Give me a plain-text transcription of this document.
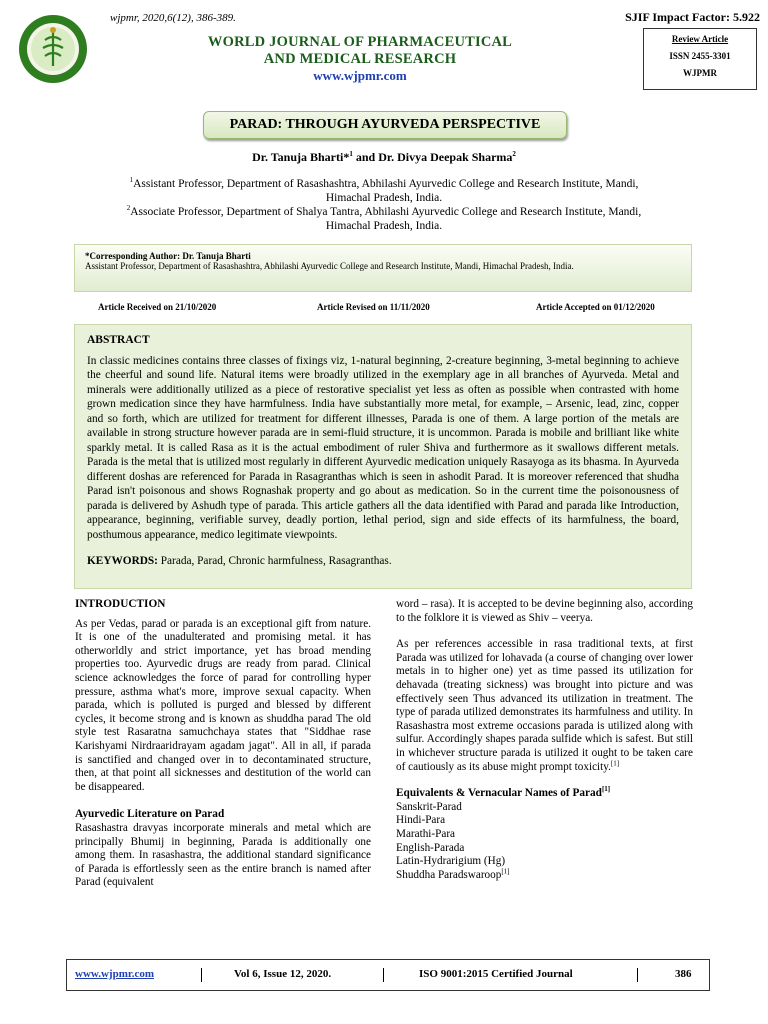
wjpmr, 2020,6(12), 386-389.
WORLD JOURNAL OF PHARMACEUTICAL
AND MEDICAL RESEARCH
www.wjpmr.com
SJIF Impact Factor: 5.922
Review Article
ISSN 2455-3301
WJPMR
PARAD: THROUGH AYURVEDA PERSPECTIVE
Dr. Tanuja Bharti*$^1$ and Dr. Divya Deepak Sharma$^2$
$^1$Assistant Professor, Department of Rasashashtra, Abhilashi Ayurvedic College and Research Institute, Mandi,
Himachal Pradesh, India.
$^2$Associate Professor, Department of Shalya Tantra, Abhilashi Ayurvedic College and Research Institute, Mandi,
Himachal Pradesh, India.
*Corresponding Author: Dr. Tanuja Bharti
Assistant Professor, Department of Rasashashtra, Abhilashi Ayurvedic College and Research Institute, Mandi, Himachal Pradesh, India.
Article Received on 21/10/2020	Article Revised on 11/11/2020	Article Accepted on 01/12/2020
ABSTRACT

In classic medicines contains three classes of fixings viz, 1-natural beginning, 2-creature beginning, 3-metal beginning to achieve the cheerful and sound life. Natural items were broadly utilized in the exemplary age in all branches of Ayurveda. Metal and minerals were additionally utilized as a piece of restorative specialist yet less as often as possible when contrasted with home grown medication since they have harmfulness. India have substantially more metal, for example, – Arsenic, lead, zinc, copper and so forth, which are utilized for treatment for different illnesses, Parada is one of them. A large portion of the metals are available in strong structure however parada are in semi-fluid structure, it is uncommon. Parada is mobile and brilliant like white sparkly metal. It is called Rasa as it is the actual embodiment of ruler Shiva and furthermore as it swallows different metals. Parada is the metal that is utilized most regularly in different Ayurvedic medication uniquely Rasayoga as its bhasma. In Ayurveda different doshas are referenced for Parada in Rasagranthas which is seen in ashodit Parad. It is moreover referenced that shudha Parad isn't poisonous and shows Rognashak property and go about as medication. So in the current time the poisonousness of parada is delivered by Ashudh type of parada. This article gathers all the data identified with Parad and parada like Introduction, appearance, beginning, verifiable survey, deadly portion, lethal period, sign and side effects of its harmfulness, the board, posthumous appearance, medico legitimate viewpoints.

KEYWORDS: Parada, Parad, Chronic harmfulness, Rasagranthas.
INTRODUCTION

As per Vedas, parad or parada is an exceptional gift from nature. It is one of the unadulterated and promising metal. it has otherworldly and strict importance, yet has broad mending properties too. Ayurvedic drugs are ready from parad. Clinical science acknowledges the force of parad for controlling hyper pressure, asthma what's more, improve sexual capacity. When parada, which is polluted is purged and blessed by different cycles, it become strong and is known as shuddha parad The old style test Rasaratna samuchchaya states that "Siddhae rase Karishyami Nirdraaridrayam agadam jagat". All in all, if parada is sanctified and changed over in to decontaminated structure, then, at that point all sicknesses and destitution of the world can be disappeared.

Ayurvedic Literature on Parad

Rasashastra dravyas incorporate minerals and metal which are principally Bhumij in beginning, Parada is additionally one among them. In rasashastra, the additional standard significance of Parada is effortlessly seen as the entire branch is named after Parad (equivalent

word – rasa). It is accepted to be devine beginning also, according to the folklore it is viewed as Shiv – veerya.

As per references accessible in rasa traditional texts, at first Parada was utilized for lohavada (a course of changing over lower metals in to higher one) yet as time passed its utilization for dehavada (treating sickness) was brought into picture and was effectively seen Thus advanced its utilization in treatment. The type of parada utilized demonstrates its harmfulness and utility. In Rasashastra most extreme occasions parada is utilized along with sulfur. Accordingly shapes parada sulfide which is safest. But still in whichever structure parada is utilized it ought to be taken care of cautiously as its abuse might prompt toxicity.[1]

Equivalents & Vernacular Names of Parad[1]
Sanskrit-Parad
Hindi-Para
Marathi-Para
English-Parada
Latin-Hydrarigium (Hg)
Shuddha Paradswaroop[1]
www.wjpmr.com	Vol 6, Issue 12, 2020.	ISO 9001:2015 Certified Journal	386
